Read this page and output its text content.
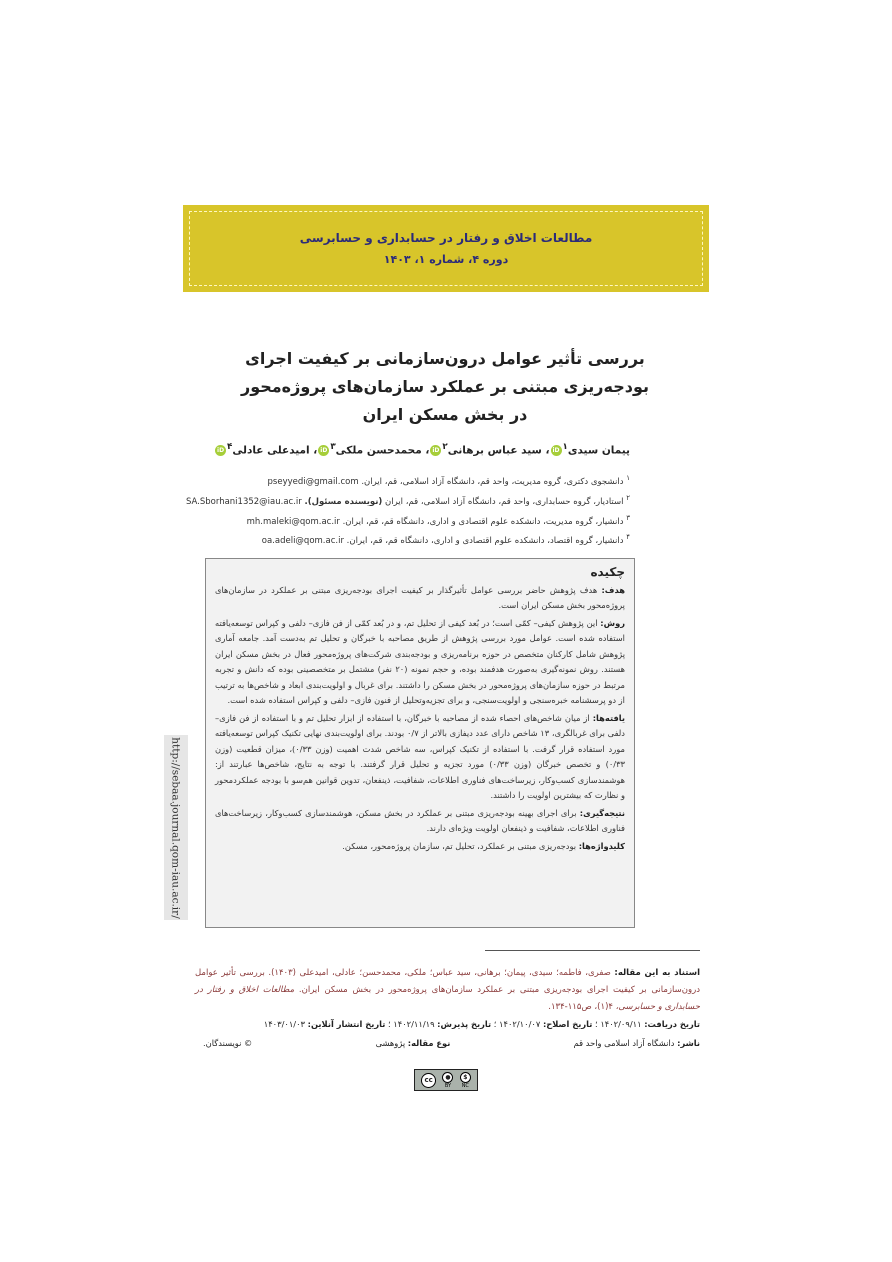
مطالعات اخلاق و رفتار در حسابداری و حسابرسی
دوره ۴، شماره ۱، ۱۴۰۳
بررسی تأثیر عوامل درون‌سازمانی بر کیفیت اجرای
بودجه‌ریزی مبتنی بر عملکرد سازمان‌های پروژه‌محور
در بخش مسکن ایران
پیمان سیدی$^۱$iD، سید عباس برهانی$^۲$iD، محمدحسن ملکی$^۳$iD، امیدعلی عادلی$^۴$iD
$^۱$ دانشجوی دکتری، گروه مدیریت، واحد قم، دانشگاه آزاد اسلامی، قم، ایران. pseyyedi@gmail.com
$^۲$ استادیار، گروه حسابداری، واحد قم، دانشگاه آزاد اسلامی، قم، ایران (نویسنده مسئول). SA.Sborhani1352@iau.ac.ir
$^۳$ دانشیار، گروه مدیریت، دانشکده علوم اقتصادی و اداری، دانشگاه قم، قم، ایران. mh.maleki@qom.ac.ir
$^۴$ دانشیار، گروه اقتصاد، دانشکده علوم اقتصادی و اداری، دانشگاه قم، قم، ایران. oa.adeli@qom.ac.ir
چکیده

هدف: هدف پژوهش حاضر بررسی عوامل تأثیرگذار بر کیفیت اجرای بودجه‌ریزی مبتنی بر عملکرد در سازمان‌های پروژه‌محور بخش مسکن ایران است.

روش: این پژوهش کیفی– کمّی است؛ در بُعد کیفی از تحلیل تم، و در بُعد کمّی از فن فازی– دلفی و کپراس توسعه‌یافته استفاده شده است. عوامل مورد بررسی پژوهش از طریق مصاحبه با خبرگان و تحلیل تم به‌دست آمد. جامعه آماری پژوهش شامل کارکنان متخصص در حوزه برنامه‌ریزی و بودجه‌بندی شرکت‌های پروژه‌محور فعال در بخش مسکن ایران هستند. روش نمونه‌گیری به‌صورت هدفمند بوده، و حجم نمونه (۲۰ نفر) مشتمل بر متخصصینی بوده که دانش و تجربه مرتبط در حوزه سازمان‌های پروژه‌محور در بخش مسکن را داشتند. برای غربال و اولویت‌بندی ابعاد و شاخص‌ها به ترتیب از دو پرسشنامه خبره‌سنجی و اولویت‌سنجی، و برای تجزیه‌وتحلیل از فنون فازی– دلفی و کپراس استفاده شده است.

یافته‌ها: از میان شاخص‌های احصاء شده از مصاحبه با خبرگان، با استفاده از ابزار تحلیل تم و با استفاده از فن فازی– دلفی برای غربالگری، ۱۳ شاخص دارای عدد دیفازی بالاتر از ۰/۷ بودند. برای اولویت‌بندی نهایی تکنیک کپراس توسعه‌یافته مورد استفاده قرار گرفت. با استفاده از تکنیک کپراس، سه شاخص شدت اهمیت (وزن ۰/۳۳)، میزان قطعیت (وزن ۰/۳۳) و تخصص خبرگان (وزن ۰/۳۳) مورد تجزیه و تحلیل قرار گرفتند. با توجه به نتایج، شاخص‌ها عبارتند از: هوشمندسازی کسب‌وکار، زیرساخت‌های فناوری اطلاعات، شفافیت، ذینفعان، تدوین قوانین هم‌سو با بودجه عملکردمحور و نظارت که بیشترین اولویت را داشتند.

نتیجه‌گیری: برای اجرای بهینه بودجه‌ریزی مبتنی بر عملکرد در بخش مسکن، هوشمندسازی کسب‌وکار، زیرساخت‌های فناوری اطلاعات، شفافیت و ذینفعان اولویت ویژه‌ای دارند.

کلیدواژه‌ها: بودجه‌ریزی مبتنی بر عملکرد، تحلیل تم، سازمان پروژه‌محور، مسکن.

http://sebaa.journal.qom-iau.ac.ir/
استناد به این مقاله: صفری، فاطمه؛ سیدی، پیمان؛ برهانی، سید عباس؛ ملکی، محمدحسن؛ عادلی، امیدعلی (۱۴۰۳). بررسی تأثیر عوامل درون‌سازمانی بر کیفیت اجرای بودجه‌ریزی مبتنی بر عملکرد سازمان‌های پروژه‌محور در بخش مسکن ایران. مطالعات اخلاق و رفتار در حسابداری و حسابرسی، ۴(۱)، ص۱۱۵-۱۳۴.
تاریخ دریافت: ۱۴۰۲/۰۹/۱۱ ؛ تاریخ اصلاح: ۱۴۰۲/۱۰/۰۷ ؛ تاریخ پذیرش: ۱۴۰۲/۱۱/۱۹ ؛ تاریخ انتشار آنلاین: ۱۴۰۳/۰۱/۰۳
ناشر: دانشگاه آزاد اسلامی واحد قم
نوع مقاله: پژوهشی
© نویسندگان.
cc	●
BY
$
NC
